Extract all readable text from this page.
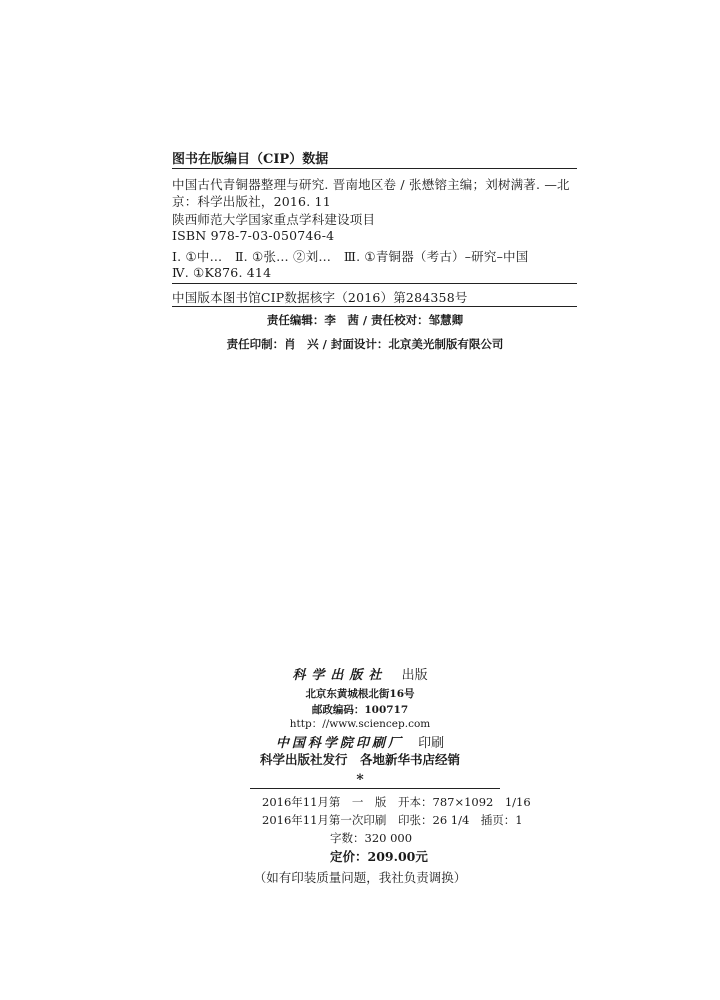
图书在版编目（CIP）数据
中国古代青铜器整理与研究. 晋南地区卷 / 张懋镕主编；刘树满著. —北
京：科学出版社，2016. 11
陕西师范大学国家重点学科建设项目
ISBN 978-7-03-050746-4
Ⅰ. ①中…　Ⅱ. ①张… ②刘…　Ⅲ. ①青铜器（考古）–研究–中国
Ⅳ. ①K876. 414
中国版本图书馆CIP数据核字（2016）第284358号
责任编辑：李　茜 / 责任校对：邹慧卿
责任印制：肖　兴 / 封面设计：北京美光制版有限公司
科学出版社 出版
北京东黄城根北街16号
邮政编码：100717
http：//www.sciencep.com
中国科学院印刷厂 印刷
科学出版社发行　各地新华书店经销
*
2016年11月第　一　版 开本：787×1092　1/16
2016年11月第一次印刷 印张：26 1/4　插页：1
字数：320 000
定价：209.00元
（如有印装质量问题，我社负责调换）
